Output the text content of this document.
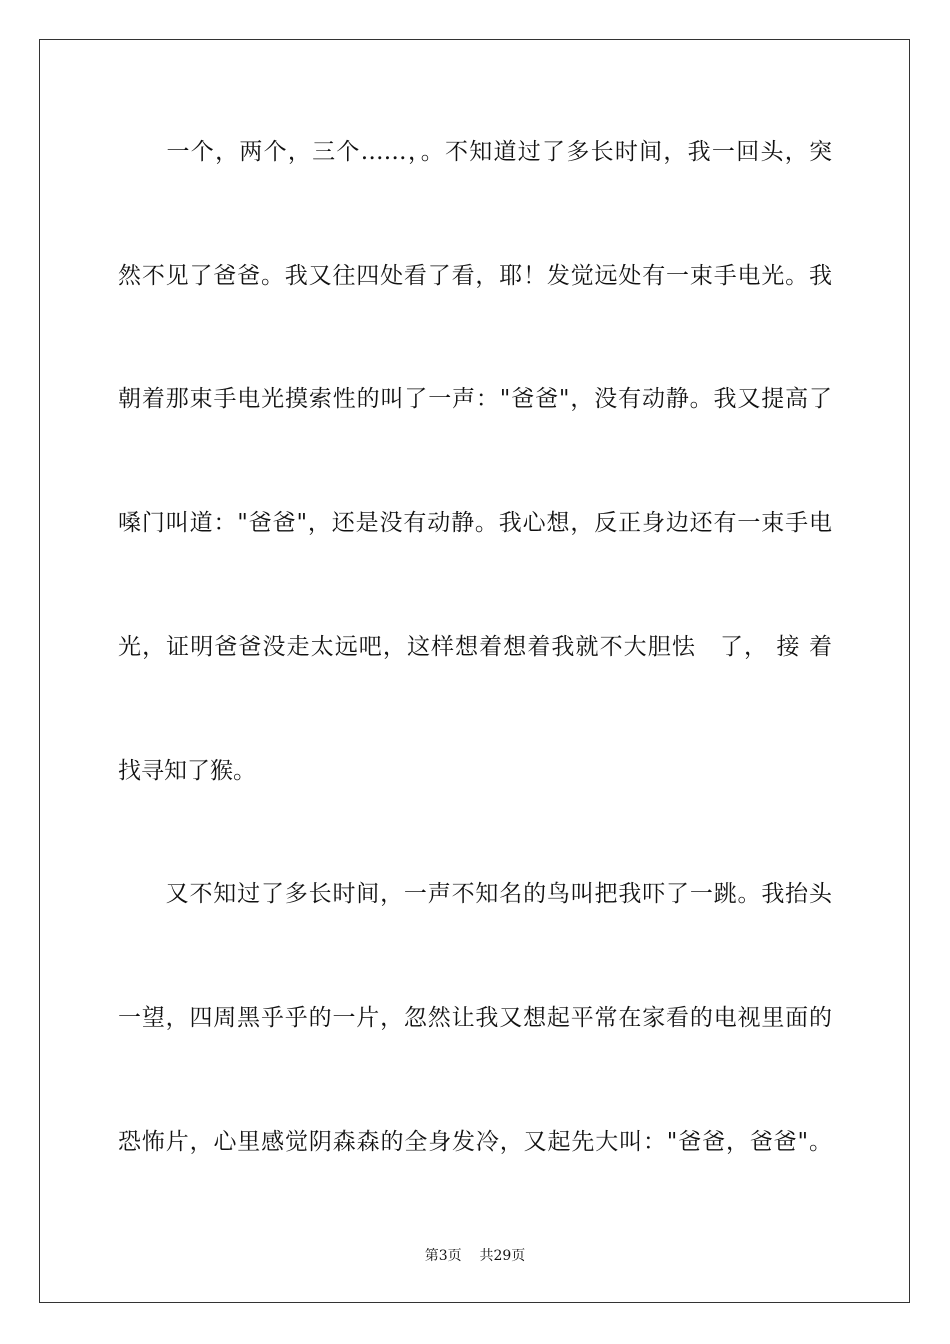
　　一个，两个，三个……，。不知道过了多长时间，我一回头，突
然不见了爸爸。我又往四处看了看，耶！发觉远处有一束手电光。我
朝着那束手电光摸索性的叫了一声："爸爸"，没有动静。我又提高了
嗓门叫道："爸爸"，还是没有动静。我心想，反正身边还有一束手电
光，证明爸爸没走太远吧，这样想着想着我就不大胆怯　了， 接 着
找寻知了猴。
　　又不知过了多长时间，一声不知名的鸟叫把我吓了一跳。我抬头
一望，四周黑乎乎的一片，忽然让我又想起平常在家看的电视里面的
恐怖片，心里感觉阴森森的全身发冷，又起先大叫："爸爸，爸爸"。
第3页 共29页
